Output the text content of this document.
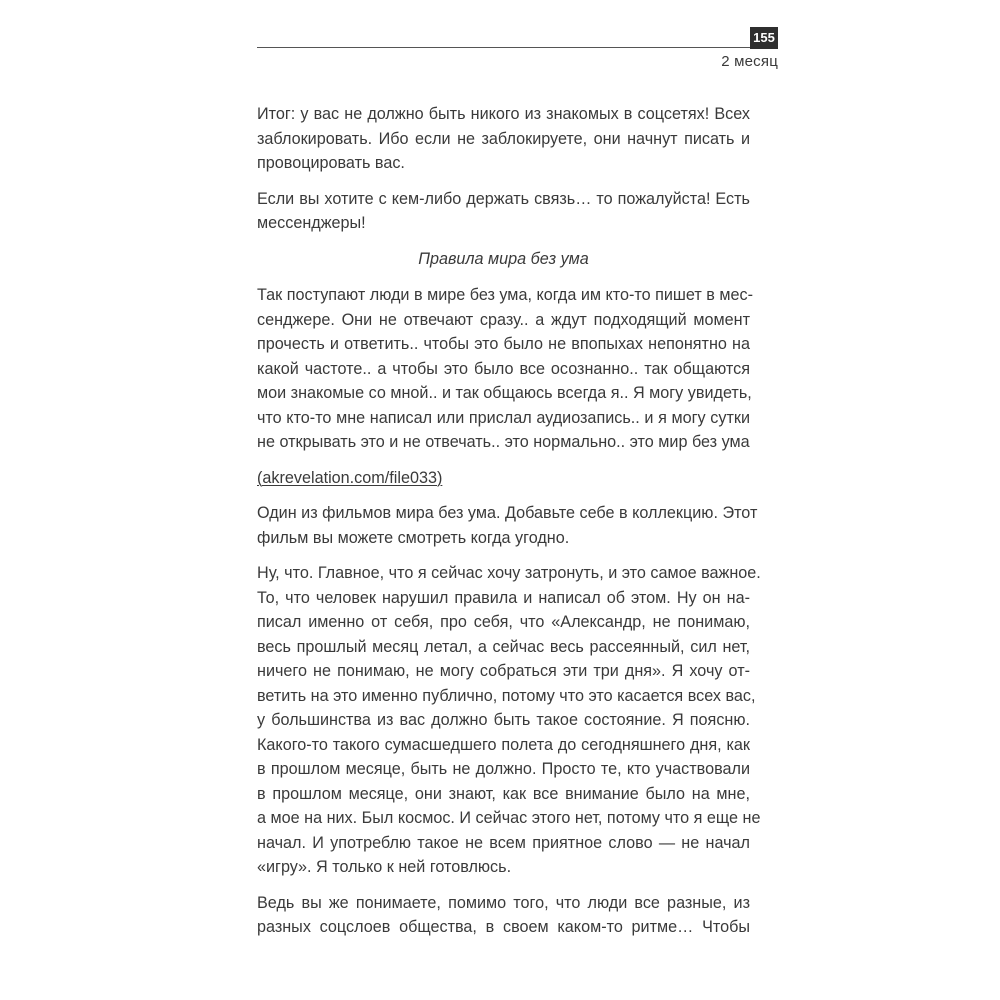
155
2 месяц
Итог: у вас не должно быть никого из знакомых в соцсетях! Всех
заблокировать. Ибо если не заблокируете, они начнут писать и
провоцировать вас.
Если вы хотите с кем-либо держать связь… то пожалуйста! Есть
мессенджеры!
Правила мира без ума
Так поступают люди в мире без ума, когда им кто-то пишет в мес-
сенджере. Они не отвечают сразу.. а ждут подходящий момент
прочесть и ответить.. чтобы это было не впопыхах непонятно на
какой частоте.. а чтобы это было все осознанно.. так общаются
мои знакомые со мной.. и так общаюсь всегда я.. Я могу увидеть,
что кто-то мне написал или прислал аудиозапись.. и я могу сутки
не открывать это и не отвечать.. это нормально.. это мир без ума
(akrevelation.com/file033)
Один из фильмов мира без ума. Добавьте себе в коллекцию. Этот
фильм вы можете смотреть когда угодно.
Ну, что. Главное, что я сейчас хочу затронуть, и это самое важное.
То, что человек нарушил правила и написал об этом. Ну он на-
писал именно от себя, про себя, что «Александр, не понимаю,
весь прошлый месяц летал, а сейчас весь рассеянный, сил нет,
ничего не понимаю, не могу собраться эти три дня». Я хочу от-
ветить на это именно публично, потому что это касается всех вас,
у большинства из вас должно быть такое состояние. Я поясню.
Какого-то такого сумасшедшего полета до сегодняшнего дня, как
в прошлом месяце, быть не должно. Просто те, кто участвовали
в прошлом месяце, они знают, как все внимание было на мне,
а мое на них. Был космос. И сейчас этого нет, потому что я еще не
начал. И употреблю такое не всем приятное слово — не начал
«игру». Я только к ней готовлюсь.
Ведь вы же понимаете, помимо того, что люди все разные, из
разных соцслоев общества, в своем каком-то ритме… Чтобы
